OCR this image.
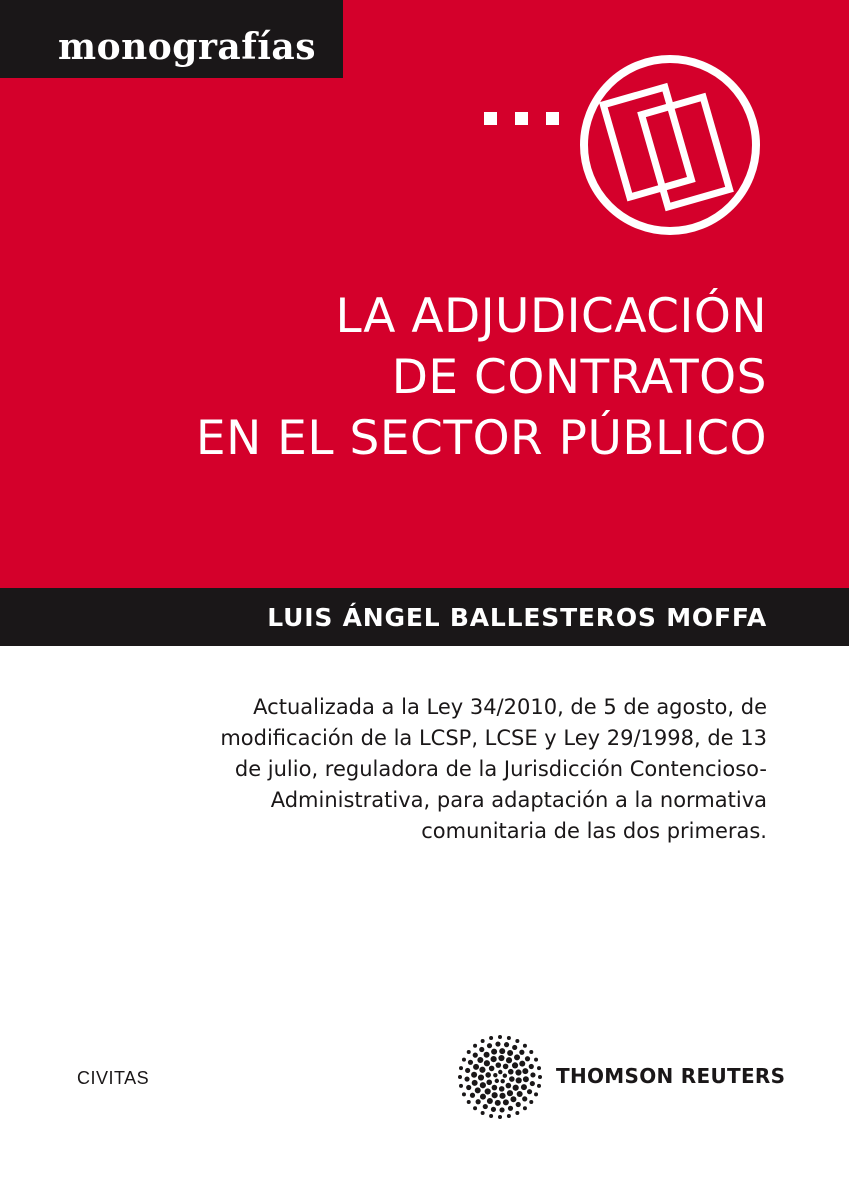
monografías
LA ADJUDICACIÓN
DE CONTRATOS
EN EL SECTOR PÚBLICO
LUIS ÁNGEL BALLESTEROS MOFFA
Actualizada a la Ley 34/2010, de 5 de agosto, de
modificación de la LCSP, LCSE y Ley 29/1998, de 13
de julio, reguladora de la Jurisdicción Contencioso-
Administrativa, para adaptación a la normativa
comunitaria de las dos primeras.
CIVITAS	THOMSON REUTERS
